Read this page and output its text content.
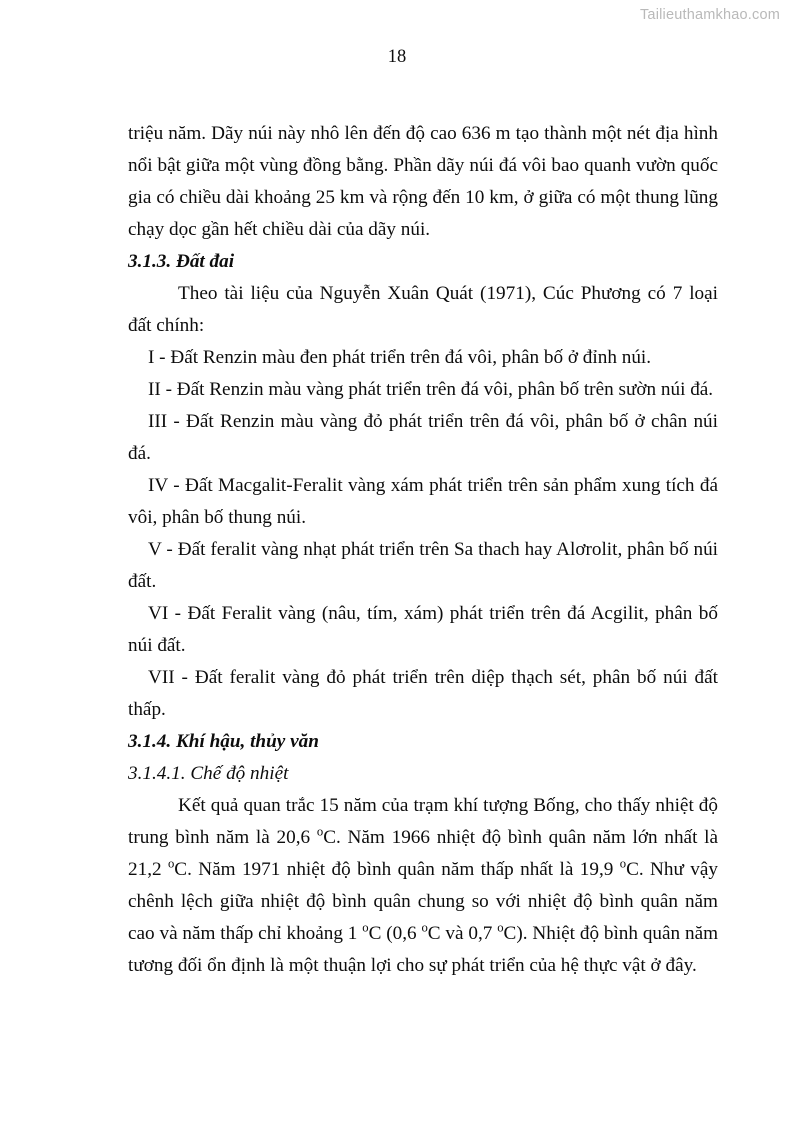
Tailieuthamkhao.com
18

triệu năm. Dãy núi này nhô lên đến độ cao 636 m tạo thành một nét địa hình nổi bật giữa một vùng đồng bằng. Phần dãy núi đá vôi bao quanh vườn quốc gia có chiều dài khoảng 25 km và rộng đến 10 km, ở giữa có một thung lũng chạy dọc gần hết chiều dài của dãy núi.

3.1.3. Đất đai

Theo tài liệu của Nguyễn Xuân Quát (1971), Cúc Phương có 7 loại đất chính:

I - Đất Renzin màu đen phát triển trên đá vôi, phân bố ở đỉnh núi.

II - Đất Renzin màu vàng phát triển trên đá vôi, phân bố trên sườn núi đá.

III - Đất Renzin màu vàng đỏ phát triển trên đá vôi, phân bố ở chân núi đá.

IV - Đất Macgalit-Feralit vàng xám phát triển trên sản phẩm xung tích đá vôi, phân bố thung núi.

V - Đất feralit vàng nhạt phát triển trên Sa thach hay Alơrolit, phân bố núi đất.

VI - Đất Feralit vàng (nâu, tím, xám) phát triển trên đá Acgilit, phân bố núi đất.

VII - Đất feralit vàng đỏ phát triển trên diệp thạch sét, phân bố núi đất thấp.

3.1.4. Khí hậu, thủy văn
3.1.4.1. Chế độ nhiệt

Kết quả quan trắc 15 năm của trạm khí tượng Bống, cho thấy nhiệt độ trung bình năm là 20,6 $^o$C. Năm 1966 nhiệt độ bình quân năm lớn nhất là 21,2 $^o$C. Năm 1971 nhiệt độ bình quân năm thấp nhất là 19,9 $^o$C. Như vậy chênh lệch giữa nhiệt độ bình quân chung so với nhiệt độ bình quân năm cao và năm thấp chỉ khoảng 1 $^o$C (0,6 $^o$C và 0,7 $^o$C). Nhiệt độ bình quân năm tương đối ổn định là một thuận lợi cho sự phát triển của hệ thực vật ở đây.
